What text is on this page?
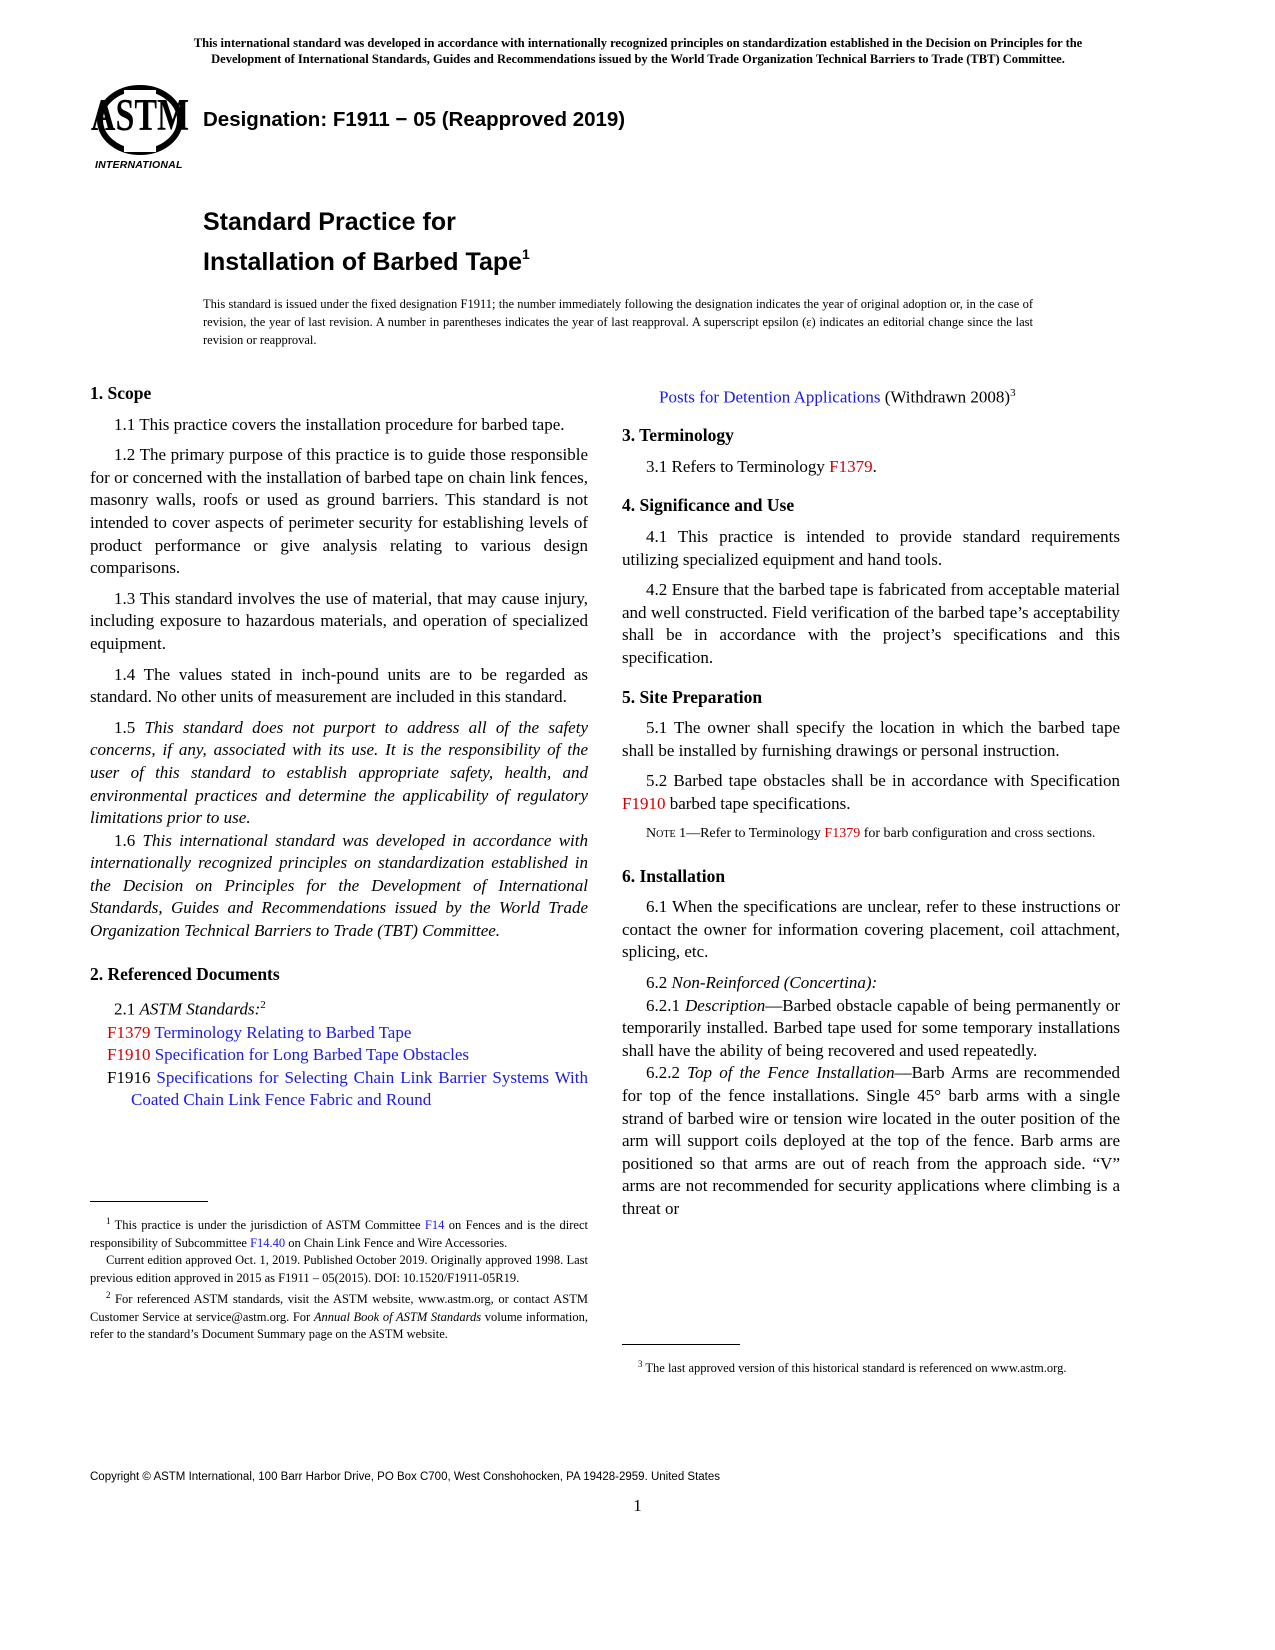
This international standard was developed in accordance with internationally recognized principles on standardization established in the Decision on Principles for the
Development of International Standards, Guides and Recommendations issued by the World Trade Organization Technical Barriers to Trade (TBT) Committee.
ASTM
INTERNATIONAL
Designation: F1911 − 05 (Reapproved 2019)
Standard Practice for
Installation of Barbed Tape$^1$
This standard is issued under the fixed designation F1911; the number immediately following the designation indicates the year of original adoption or, in the case of revision, the year of last revision. A number in parentheses indicates the year of last reapproval. A superscript epsilon (ε) indicates an editorial change since the last revision or reapproval.
1. Scope

1.1 This practice covers the installation procedure for barbed tape.

1.2 The primary purpose of this practice is to guide those responsible for or concerned with the installation of barbed tape on chain link fences, masonry walls, roofs or used as ground barriers. This standard is not intended to cover aspects of perimeter security for establishing levels of product performance or give analysis relating to various design comparisons.

1.3 This standard involves the use of material, that may cause injury, including exposure to hazardous materials, and operation of specialized equipment.

1.4 The values stated in inch-pound units are to be regarded as standard. No other units of measurement are included in this standard.

1.5 This standard does not purport to address all of the safety concerns, if any, associated with its use. It is the responsibility of the user of this standard to establish appropriate safety, health, and environmental practices and determine the applicability of regulatory limitations prior to use.

1.6 This international standard was developed in accordance with internationally recognized principles on standardization established in the Decision on Principles for the Development of International Standards, Guides and Recommendations issued by the World Trade Organization Technical Barriers to Trade (TBT) Committee.

2. Referenced Documents

2.1 ASTM Standards:$^2$

F1379 Terminology Relating to Barbed Tape
F1910 Specification for Long Barbed Tape Obstacles
F1916 Specifications for Selecting Chain Link Barrier Systems With Coated Chain Link Fence Fabric and Round

$^1$ This practice is under the jurisdiction of ASTM Committee F14 on Fences and is the direct responsibility of Subcommittee F14.40 on Chain Link Fence and Wire Accessories.

Current edition approved Oct. 1, 2019. Published October 2019. Originally approved 1998. Last previous edition approved in 2015 as F1911 – 05(2015). DOI: 10.1520/F1911-05R19.

$^2$ For referenced ASTM standards, visit the ASTM website, www.astm.org, or contact ASTM Customer Service at service@astm.org. For Annual Book of ASTM Standards volume information, refer to the standard’s Document Summary page on the ASTM website.

Posts for Detention Applications (Withdrawn 2008)$^3$
3. Terminology

3.1 Refers to Terminology F1379.

4. Significance and Use

4.1 This practice is intended to provide standard requirements utilizing specialized equipment and hand tools.

4.2 Ensure that the barbed tape is fabricated from acceptable material and well constructed. Field verification of the barbed tape’s acceptability shall be in accordance with the project’s specifications and this specification.

5. Site Preparation

5.1 The owner shall specify the location in which the barbed tape shall be installed by furnishing drawings or personal instruction.

5.2 Barbed tape obstacles shall be in accordance with Specification F1910 barbed tape specifications.

Note 1—Refer to Terminology F1379 for barb configuration and cross sections.
6. Installation

6.1 When the specifications are unclear, refer to these instructions or contact the owner for information covering placement, coil attachment, splicing, etc.

6.2 Non-Reinforced (Concertina):

6.2.1 Description—Barbed obstacle capable of being permanently or temporarily installed. Barbed tape used for some temporary installations shall have the ability of being recovered and used repeatedly.

6.2.2 Top of the Fence Installation—Barb Arms are recommended for top of the fence installations. Single 45° barb arms with a single strand of barbed wire or tension wire located in the outer position of the arm will support coils deployed at the top of the fence. Barb arms are positioned so that arms are out of reach from the approach side. “V” arms are not recommended for security applications where climbing is a threat or

$^3$ The last approved version of this historical standard is referenced on www.astm.org.

Copyright © ASTM International, 100 Barr Harbor Drive, PO Box C700, West Conshohocken, PA 19428-2959. United States
1
